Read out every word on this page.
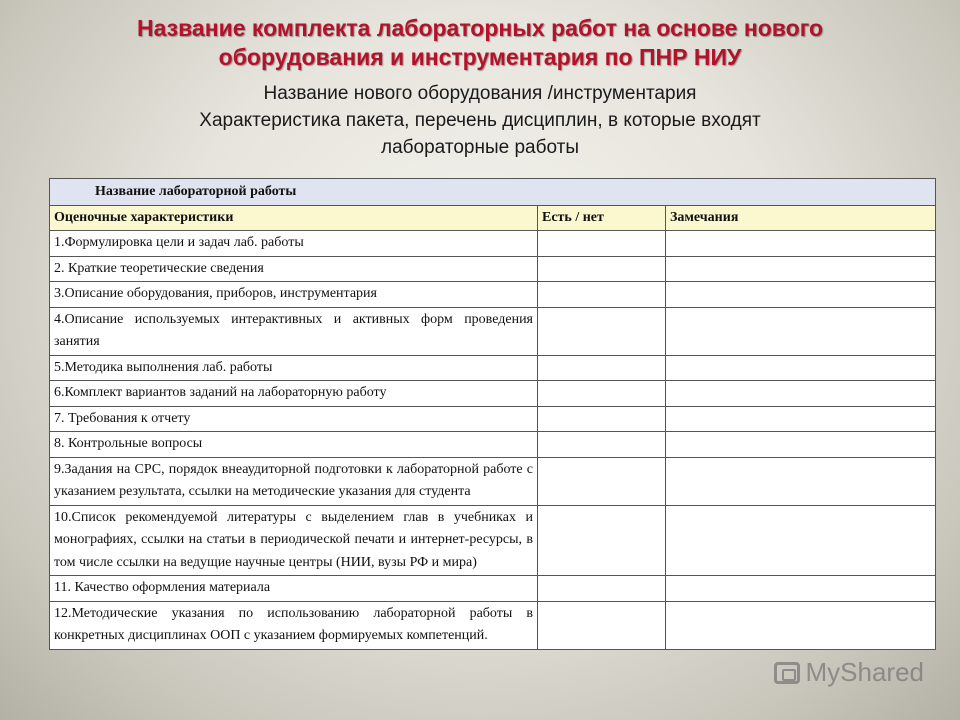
Название комплекта лабораторных работ на основе нового
оборудования и инструментария по ПНР НИУ
Название нового оборудования /инструментария
Характеристика пакета, перечень дисциплин, в которые входят
лабораторные работы
Название лабораторной работы		
Оценочные характеристики	Есть / нет	Замечания
1.Формулировка цели и задач лаб. работы		
2. Краткие теоретические сведения		
3.Описание оборудования, приборов, инструментария		
4.Описание используемых интерактивных и активных форм проведения занятия		
5.Методика выполнения лаб. работы		
6.Комплект вариантов заданий на лабораторную работу		
7. Требования к отчету		
8. Контрольные вопросы		
9.Задания на СРС, порядок внеаудиторной подготовки к лабораторной работе с указанием результата, ссылки на методические указания для студента		
10.Список рекомендуемой литературы с выделением глав в учебниках и монографиях, ссылки на статьи в периодической печати и интернет-ресурсы, в том числе ссылки на ведущие научные центры (НИИ, вузы РФ и мира)		
11. Качество оформления материала		
12.Методические указания по использованию лабораторной работы в конкретных дисциплинах ООП с указанием формируемых компетенций.		
MyShared
